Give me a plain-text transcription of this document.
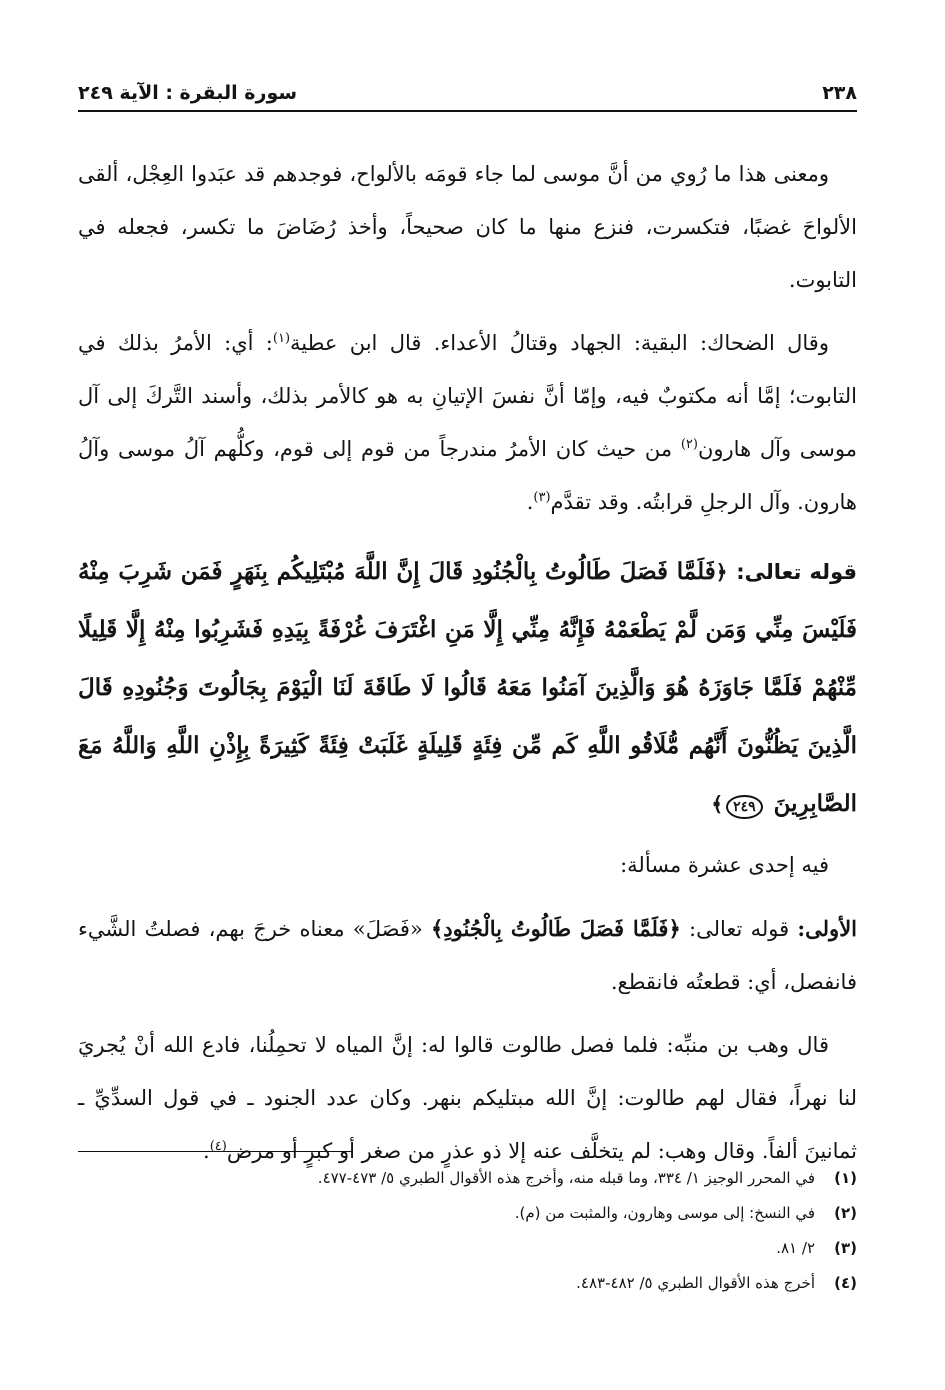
٢٣٨
سورة البقرة : الآية ٢٤٩

ومعنى هذا ما رُوي من أنَّ موسى لما جاء قومَه بالألواح، فوجدهم قد عبَدوا العِجْل، ألقى الألواحَ غضبًا، فتكسرت، فنزع منها ما كان صحيحاً، وأخذ رُضَاضَ ما تكسر، فجعله في التابوت.

وقال الضحاك: البقية: الجهاد وقتالُ الأعداء. قال ابن عطية$^{(١)}$: أي: الأمرُ بذلك في التابوت؛ إمَّا أنه مكتوبٌ فيه، وإمّا أنَّ نفسَ الإتيانِ به هو كالأمر بذلك، وأسند التَّركَ إلى آل موسى وآل هارون$^{(٢)}$ من حيث كان الأمرُ مندرجاً من قوم إلى قوم، وكلُّهم آلُ موسى وآلُ هارون. وآل الرجلِ قرابتُه. وقد تقدَّم$^{(٣)}$.

قوله تعالى: ﴿فَلَمَّا فَصَلَ طَالُوتُ بِالْجُنُودِ قَالَ إِنَّ اللَّهَ مُبْتَلِيكُم بِنَهَرٍ فَمَن شَرِبَ مِنْهُ فَلَيْسَ مِنِّي وَمَن لَّمْ يَطْعَمْهُ فَإِنَّهُ مِنِّي إِلَّا مَنِ اغْتَرَفَ غُرْفَةً بِيَدِهِ فَشَرِبُوا مِنْهُ إِلَّا قَلِيلًا مِّنْهُمْ فَلَمَّا جَاوَزَهُ هُوَ وَالَّذِينَ آمَنُوا مَعَهُ قَالُوا لَا طَاقَةَ لَنَا الْيَوْمَ بِجَالُوتَ وَجُنُودِهِ قَالَ الَّذِينَ يَظُنُّونَ أَنَّهُم مُّلَاقُو اللَّهِ كَم مِّن فِئَةٍ قَلِيلَةٍ غَلَبَتْ فِئَةً كَثِيرَةً بِإِذْنِ اللَّهِ وَاللَّهُ مَعَ الصَّابِرِينَ ٢٤٩﴾

فيه إحدى عشرة مسألة:

الأولى: قوله تعالى: ﴿فَلَمَّا فَصَلَ طَالُوتُ بِالْجُنُودِ﴾ «فَصَلَ» معناه خرجَ بهم، فصلتُ الشَّيء فانفصل، أي: قطعتُه فانقطع.

قال وهب بن منبِّه: فلما فصل طالوت قالوا له: إنَّ المياه لا تحمِلُنا، فادع الله أنْ يُجريَ لنا نهراً، فقال لهم طالوت: إنَّ الله مبتليكم بنهر. وكان عدد الجنود ـ في قول السدِّيِّ ـ ثمانينَ ألفاً. وقال وهب: لم يتخلَّف عنه إلا ذو عذرٍ من صغر أو كبرٍ أو مرض$^{(٤)}$.

(١)
في المحرر الوجيز ١/ ٣٣٤، وما قبله منه، وأخرج هذه الأقوال الطبري ٥/ ٤٧٣-٤٧٧.
(٢)
في النسخ: إلى موسى وهارون، والمثبت من (م).
(٣)
٢/ ٨١.
(٤)
أخرج هذه الأقوال الطبري ٥/ ٤٨٢-٤٨٣.
